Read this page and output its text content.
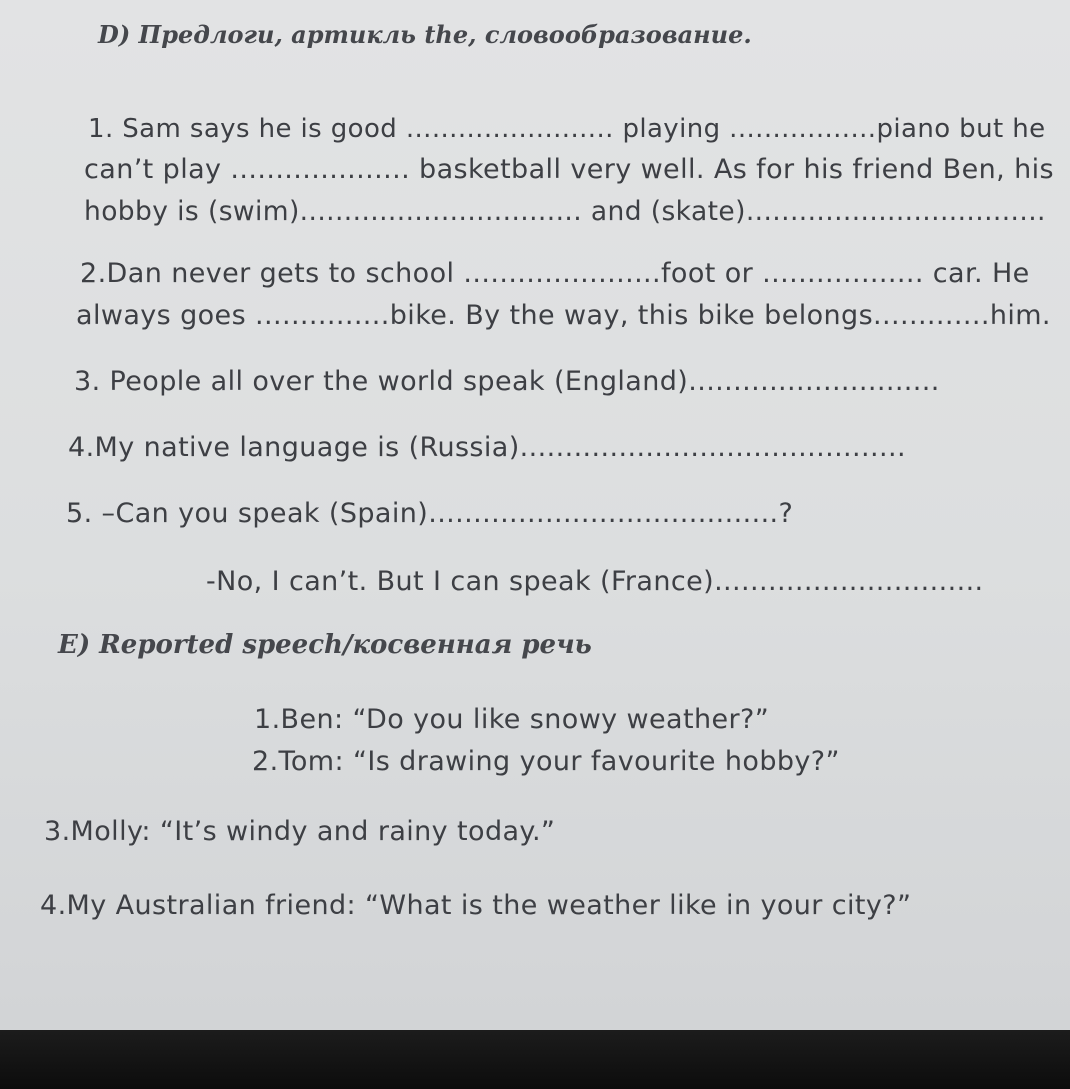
D) Предлоги, артикль the, словообразование.
1. Sam says he is good ........................ playing .................piano but he
can’t play .................... basketball very well. As for his friend Ben, his
hobby is (swim)................................ and (skate)..................................
2.Dan never gets to school ......................foot or .................. car. He
always goes ...............bike. By the way, this bike belongs.............him.
3. People all over the world speak (England)............................
4.My native language is (Russia)...........................................
5. –Can you speak (Spain).......................................?
-No, I can’t. But I can speak (France)..............................
E) Reported speech/косвенная речь
1.Ben: “Do you like snowy weather?”
2.Tom: “Is drawing your favourite hobby?”
3.Molly: “It’s windy and rainy today.”
4.My Australian friend: “What is the weather like in your city?”
